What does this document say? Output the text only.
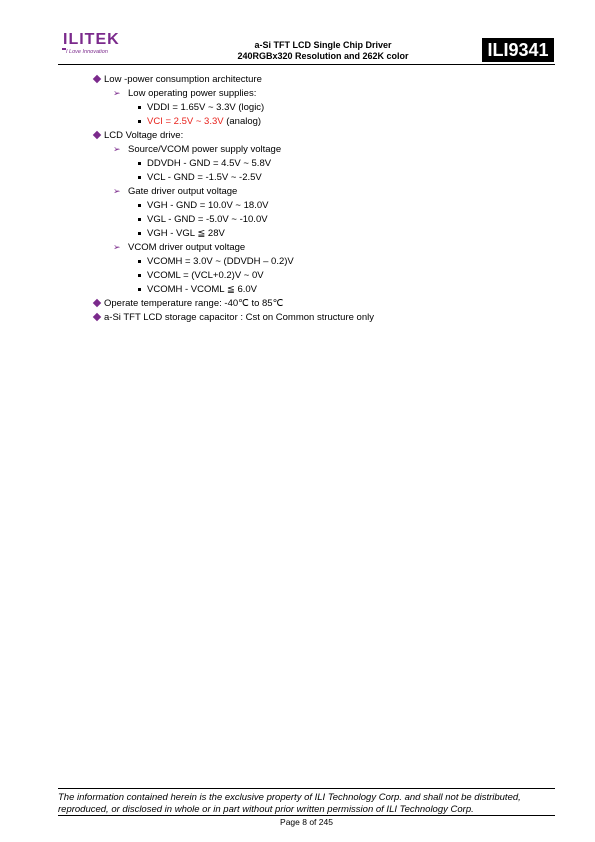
ILITEK
I Love Innovation
a-Si TFT LCD Single Chip Driver
240RGBx320 Resolution and 262K color	ILI9341
Low -power consumption architecture
➢ Low operating power supplies:
VDDI = 1.65V ~ 3.3V (logic)
VCI = 2.5V ~ 3.3V (analog)
LCD Voltage drive:
➢ Source/VCOM power supply voltage
DDVDH - GND = 4.5V ~ 5.8V
VCL - GND = -1.5V ~ -2.5V
➢ Gate driver output voltage
VGH - GND = 10.0V ~ 18.0V
VGL - GND = -5.0V ~ -10.0V
VGH - VGL ≦ 28V
➢ VCOM driver output voltage
VCOMH = 3.0V ~ (DDVDH – 0.2)V
VCOML = (VCL+0.2)V ~ 0V
VCOMH - VCOML ≦ 6.0V
Operate temperature range: -40℃ to 85℃
a-Si TFT LCD storage capacitor : Cst on Common structure only
The information contained herein is the exclusive property of ILI Technology Corp. and shall not be distributed, reproduced, or disclosed in whole or in part without prior written permission of ILI Technology Corp.
Page 8 of 245
